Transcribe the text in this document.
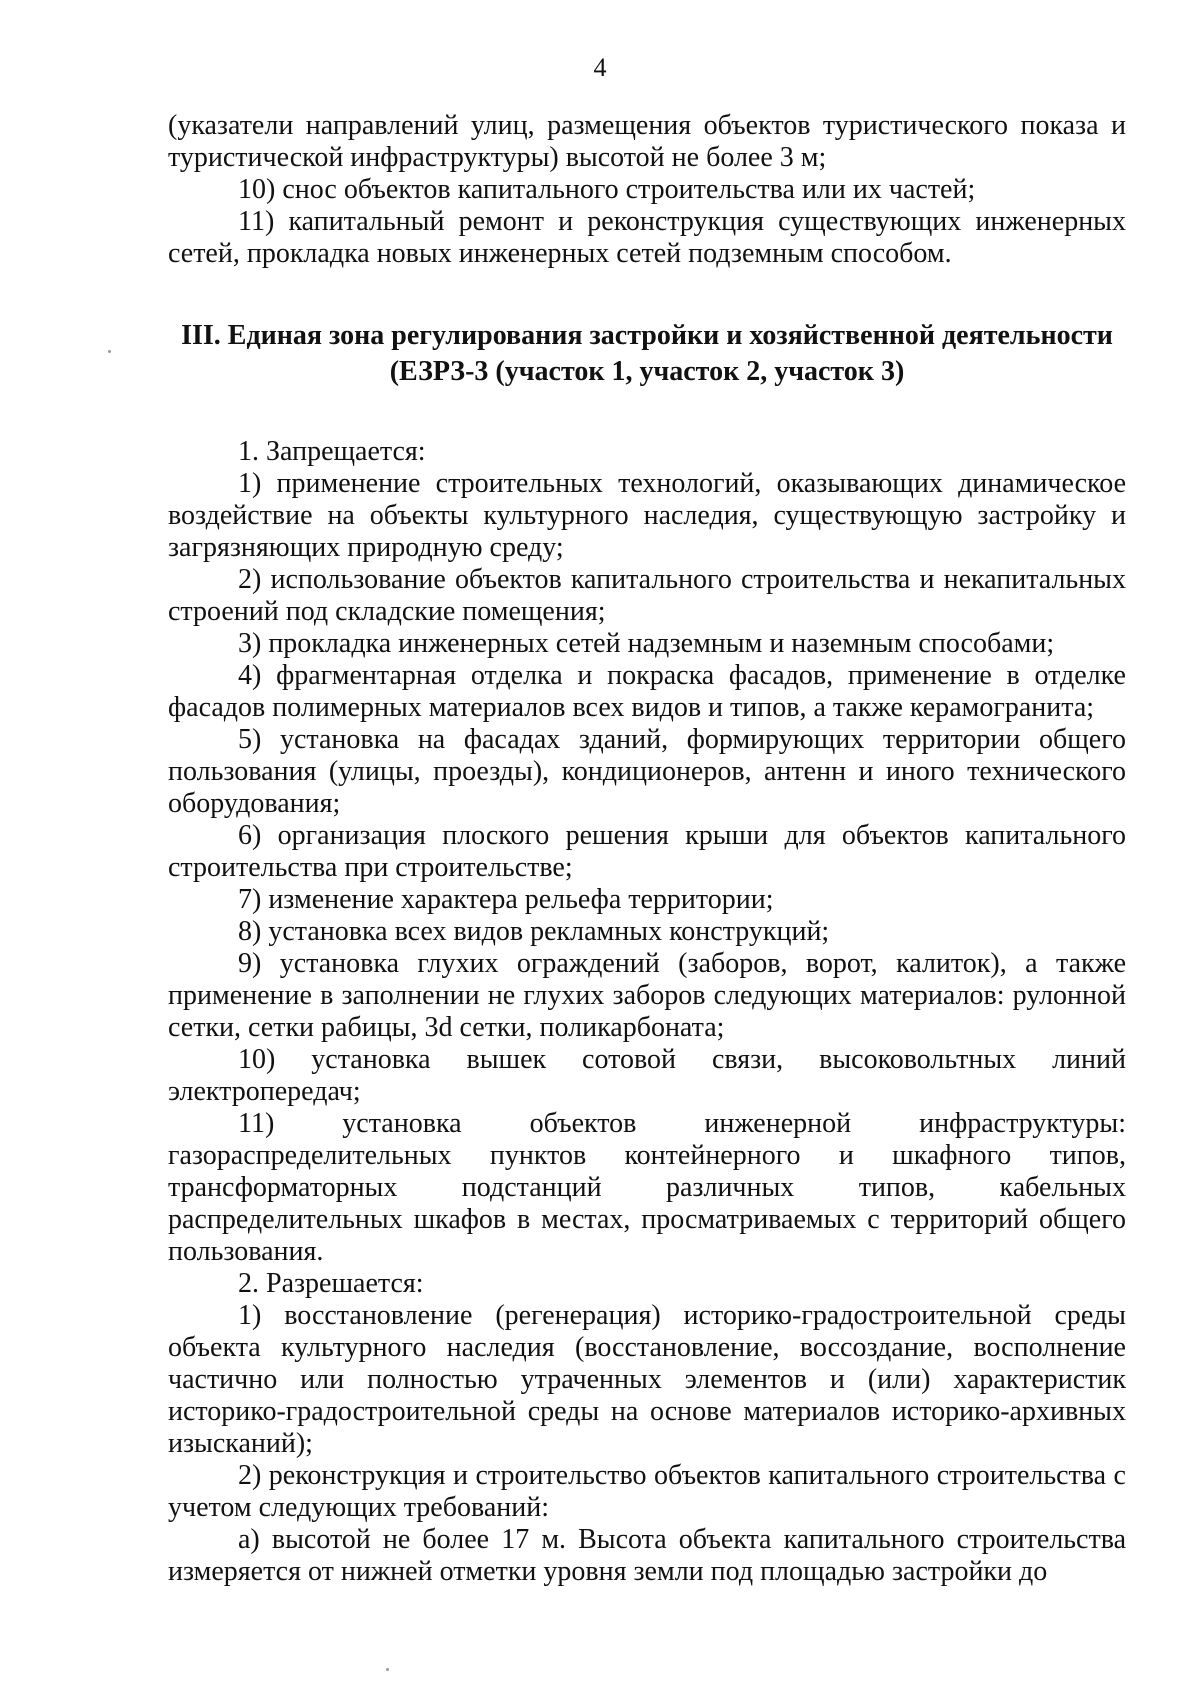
4

(указатели направлений улиц, размещения объектов туристического показа и туристической инфраструктуры) высотой не более 3 м;

10) снос объектов капитального строительства или их частей;

11) капитальный ремонт и реконструкция существующих инженерных сетей, прокладка новых инженерных сетей подземным способом.

III. Единая зона регулирования застройки и хозяйственной деятельности
(ЕЗРЗ-3 (участок 1, участок 2, участок 3)

1. Запрещается:

1) применение строительных технологий, оказывающих динамическое воздействие на объекты культурного наследия, существующую застройку и загрязняющих природную среду;

2) использование объектов капитального строительства и некапитальных строений под складские помещения;

3) прокладка инженерных сетей надземным и наземным способами;

4) фрагментарная отделка и покраска фасадов, применение в отделке фасадов полимерных материалов всех видов и типов, а также керамогранита;

5) установка на фасадах зданий, формирующих территории общего пользования (улицы, проезды), кондиционеров, антенн и иного технического оборудования;

6) организация плоского решения крыши для объектов капитального строительства при строительстве;

7) изменение характера рельефа территории;

8) установка всех видов рекламных конструкций;

9) установка глухих ограждений (заборов, ворот, калиток), а также применение в заполнении не глухих заборов следующих материалов: рулонной сетки, сетки рабицы, 3d сетки, поликарбоната;

10) установка вышек сотовой связи, высоковольтных линий электропередач;

11) установка объектов инженерной инфраструктуры: газораспределительных пунктов контейнерного и шкафного типов, трансформаторных подстанций различных типов, кабельных распределительных шкафов в местах, просматриваемых с территорий общего пользования.

2. Разрешается:

1) восстановление (регенерация) историко-градостроительной среды объекта культурного наследия (восстановление, воссоздание, восполнение частично или полностью утраченных элементов и (или) характеристик историко-градостроительной среды на основе материалов историко-архивных изысканий);

2) реконструкция и строительство объектов капитального строительства с учетом следующих требований:

а) высотой не более 17 м. Высота объекта капитального строительства измеряется от нижней отметки уровня земли под площадью застройки до
